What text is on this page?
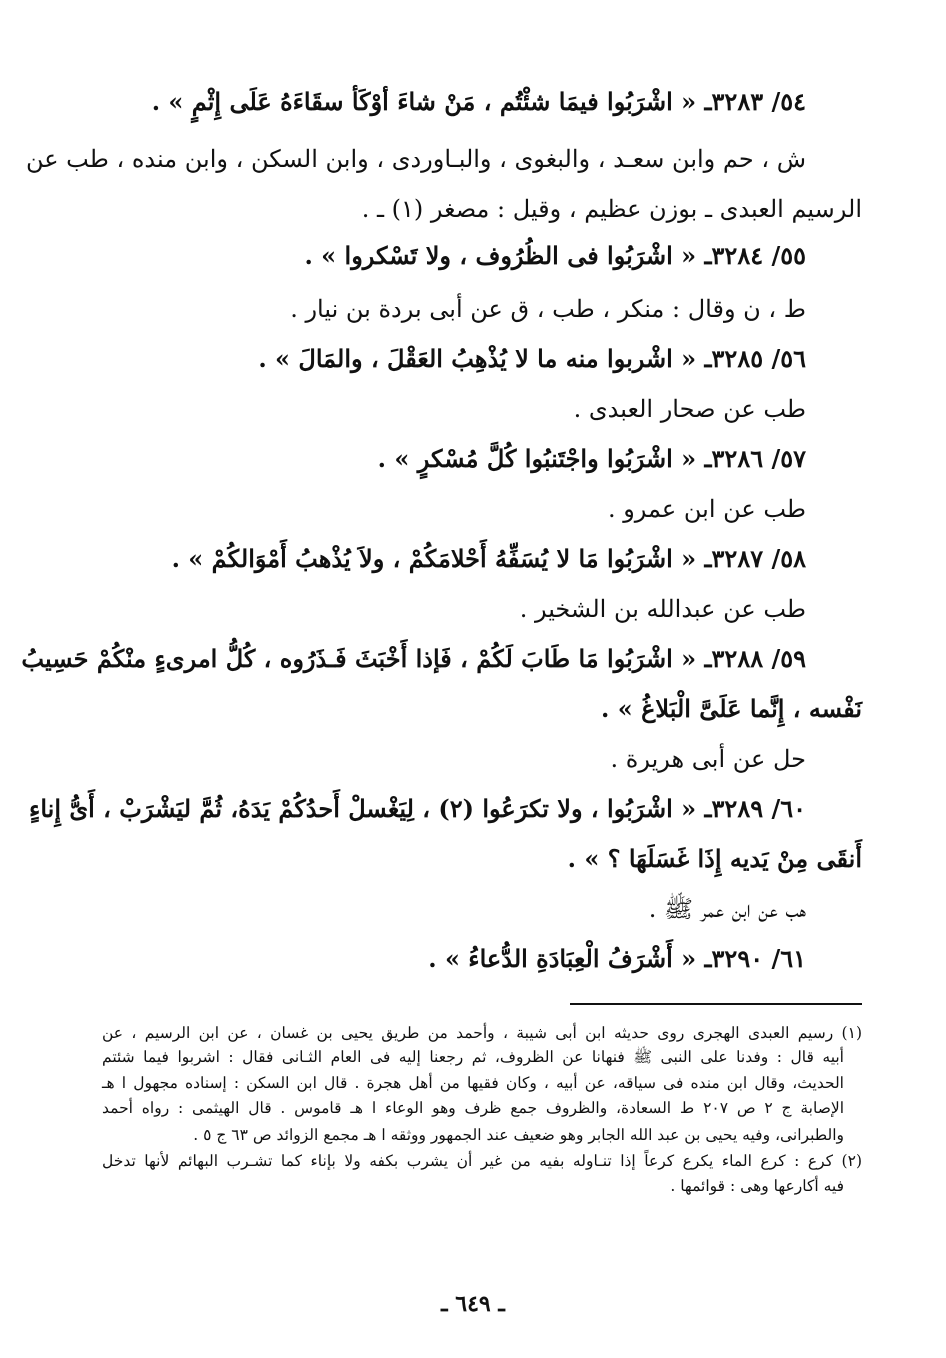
٥٤/ ٣٢٨٣ـ « اشْرَبُوا فيمَا شئْتُم ، مَنْ شاءَ أوْكَأ سقَاءَهُ عَلَى إِثْمٍ » .
ش ، حم وابن سعـد ، والبغوى ، والبـاوردى ، وابن السكن ، وابن منده ، طب عن
الرسيم العبدى ـ بوزن عظيم ، وقيل : مصغر (١) ـ .
٥٥/ ٣٢٨٤ـ « اشْرَبُوا فى الظُرُوف ، ولا تَسْكروا » .
ط ، ن وقال : منكر ، طب ، ق عن أبى بردة بن نيار .
٥٦/ ٣٢٨٥ـ « اشْربوا منه ما لا يُذْهِبُ العَقْلَ ، والمَالَ » .
طب عن صحار العبدى .
٥٧/ ٣٢٨٦ـ « اشْرَبُوا واجْتَنبُوا كُلَّ مُسْكرٍ » .
طب عن ابن عمرو .
٥٨/ ٣٢٨٧ـ « اشْرَبُوا مَا لا يُسَفِّهُ أَحْلامَكُمْ ، ولاَ يُذْهبُ أَمْوَالكُمْ » .
طب عن عبدالله بن الشخير .
٥٩/ ٣٢٨٨ـ « اشْرَبُوا مَا طَابَ لَكُمْ ، فَإذا أَخْبَثَ فَـذَرُوه ، كُلُّ امرىءٍ منْكُمْ حَسِيبُ
نَفْسه ، إِنَّما عَلَىَّ الْبَلاغُ » .
حل عن أبى هريرة .
٦٠/ ٣٢٨٩ـ « اشْرَبُوا ، ولا تكرَعُوا (٢) ، لِيَغْسلْ أَحدُكُمْ يَدَهُ، ثُمَّ ليَشْرَبْ ، أَىُّ إِناءٍ
أَنقَى مِنْ يَديه إِذَا غَسَلَهَا ؟ » .
هب عن ابن عمر ﷺ .
٦١/ ٣٢٩٠ـ « أَشْرَفُ الْعِبَادَةِ الدُّعاءُ » .
(١) رسيم العبدى الهجرى روى حديثه ابن أبى شيبة ، وأحمد من طريق يحيى بن غسان ، عن ابن الرسيم ، عن
أبيه قال : وفدنا على النبى ﷺ فنهانا عن الظروف، ثم رجعنا إليه فى العام الثـانى فقال : اشربوا فيما شئتم
الحديث، وقال ابن منده فى سياقه، عن أبيه ، وكان فقيها من أهل هجرة . قال ابن السكن : إسناده مجهول ا هـ
الإصابة ج ٢ ص ٢٠٧ ط السعادة، والظروف جمع ظرف وهو الوعاء ا هـ قاموس . قال الهيثمى : رواه أحمد
والطبرانى، وفيه يحيى بن عبد الله الجابر وهو ضعيف عند الجمهور ووثقه ا هـ مجمع الزوائد ص ٦٣ ج ٥ .
(٢) كرع : كرع الماء يكرع كرعاً إذا تنـاوله بفيه من غير أن يشرب بكفه ولا بإناء كما تشـرب البهائم لأنها تدخل
فيه أكارعها وهى : قوائمها .
ـ ٦٤٩ ـ
